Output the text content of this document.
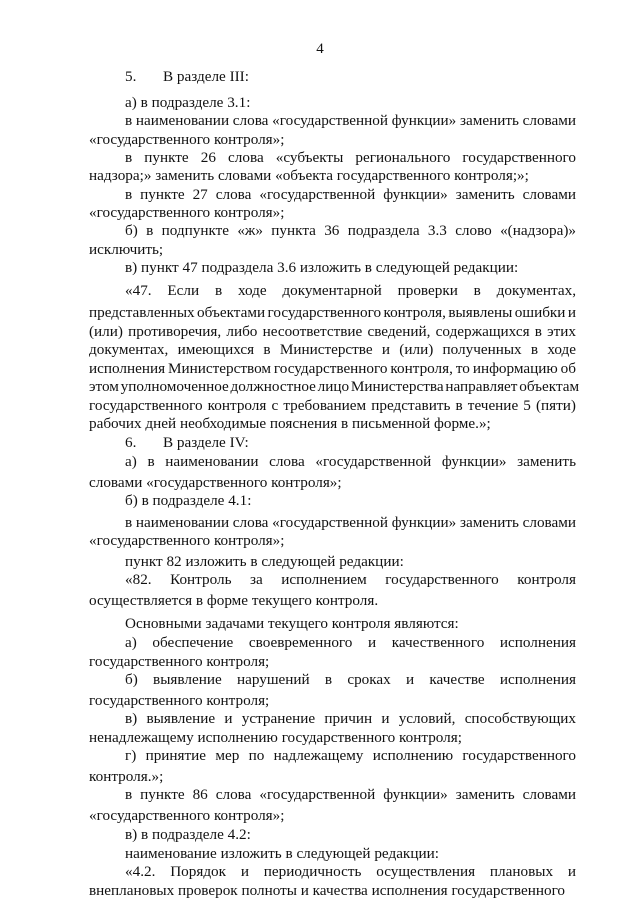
4
5. В разделе III:
а) в подразделе 3.1:
в наименовании слова «государственной функции» заменить словами
«государственного контроля»;
в пункте 26 слова «субъекты регионального государственного
надзора;» заменить словами «объекта государственного контроля;»;
в пункте 27 слова «государственной функции» заменить словами
«государственного контроля»;
б) в подпункте «ж» пункта 36 подраздела 3.3 слово «(надзора)»
исключить;
в) пункт 47 подраздела 3.6 изложить в следующей редакции:
«47. Если в ходе документарной проверки в документах,
представленных объектами государственного контроля, выявлены ошибки и
(или) противоречия, либо несоответствие сведений, содержащихся в этих
документах, имеющихся в Министерстве и (или) полученных в ходе
исполнения Министерством государственного контроля, то информацию об
этом уполномоченное должностное лицо Министерства направляет объектам
государственного контроля с требованием представить в течение 5 (пяти)
рабочих дней необходимые пояснения в письменной форме.»;
6. В разделе IV:
а) в наименовании слова «государственной функции» заменить
словами «государственного контроля»;
б) в подразделе 4.1:
в наименовании слова «государственной функции» заменить словами
«государственного контроля»;
пункт 82 изложить в следующей редакции:
«82. Контроль за исполнением государственного контроля
осуществляется в форме текущего контроля.
Основными задачами текущего контроля являются:
а) обеспечение своевременного и качественного исполнения
государственного контроля;
б) выявление нарушений в сроках и качестве исполнения
государственного контроля;
в) выявление и устранение причин и условий, способствующих
ненадлежащему исполнению государственного контроля;
г) принятие мер по надлежащему исполнению государственного
контроля.»;
в пункте 86 слова «государственной функции» заменить словами
«государственного контроля»;
в) в подразделе 4.2:
наименование изложить в следующей редакции:
«4.2. Порядок и периодичность осуществления плановых и
внеплановых проверок полноты и качества исполнения государственного
